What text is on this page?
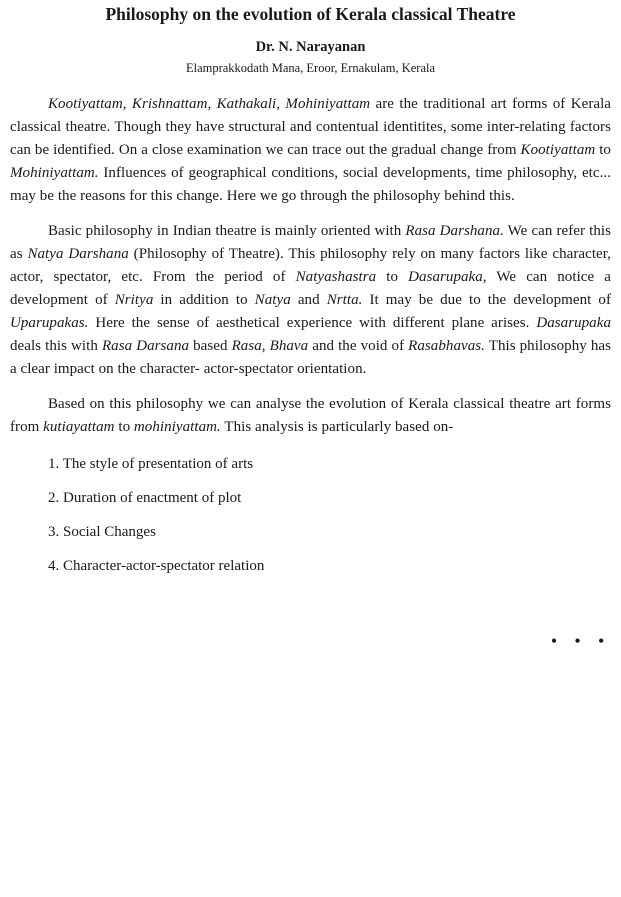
Philosophy on the evolution of Kerala classical Theatre
Dr. N. Narayanan
Elamprakkodath Mana, Eroor, Ernakulam, Kerala

Kootiyattam, Krishnattam, Kathakali, Mohiniyattam are the traditional art forms of Kerala classical theatre. Though they have structural and contentual identitites, some inter-relating factors can be identified. On a close examination we can trace out the gradual change from Kootiyattam to Mohiniyattam. Influences of geographical conditions, social developments, time philosophy, etc... may be the reasons for this change. Here we go through the philosophy behind this.

Basic philosophy in Indian theatre is mainly oriented with Rasa Darshana. We can refer this as Natya Darshana (Philosophy of Theatre). This philosophy rely on many factors like character, actor, spectator, etc. From the period of Natyashastra to Dasarupaka, We can notice a development of Nritya in addition to Natya and Nrtta. It may be due to the development of Uparupakas. Here the sense of aesthetical experience with different plane arises. Dasarupaka deals this with Rasa Darsana based Rasa, Bhava and the void of Rasabhavas. This philosophy has a clear impact on the character- actor-spectator orientation.

Based on this philosophy we can analyse the evolution of Kerala classical theatre art forms from kutiayattam to mohiniyattam. This analysis is particularly based on-

1. The style of presentation of arts
2. Duration of enactment of plot
3. Social Changes
4. Character-actor-spectator relation
• • •
